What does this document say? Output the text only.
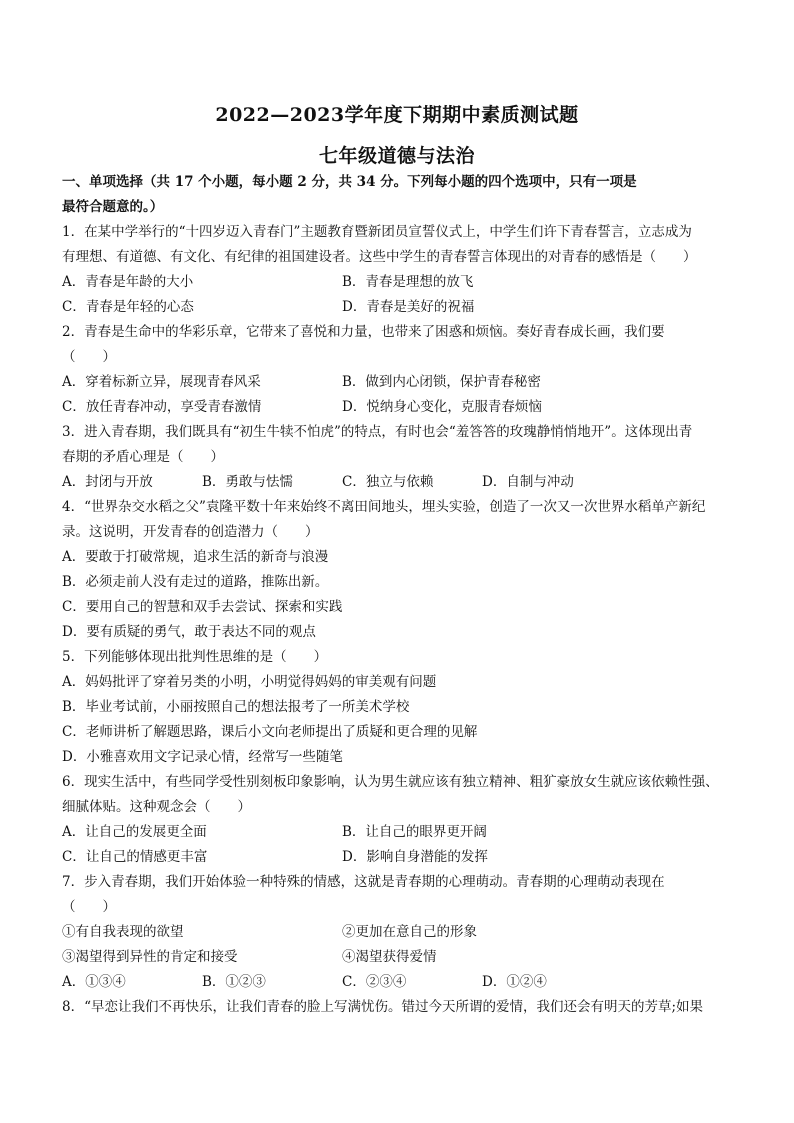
2022—2023学年度下期期中素质测试题
七年级道德与法治
一、单项选择（共 17 个小题，每小题 2 分，共 34 分。下列每小题的四个选项中，只有一项是
最符合题意的。）
1．在某中学举行的“十四岁迈入青春门”主题教育暨新团员宣誓仪式上，中学生们许下青春誓言，立志成为
有理想、有道德、有文化、有纪律的祖国建设者。这些中学生的青春誓言体现出的对青春的感悟是（　　）
A．青春是年龄的大小	B．青春是理想的放飞
C．青春是年轻的心态	D．青春是美好的祝福
2．青春是生命中的华彩乐章，它带来了喜悦和力量，也带来了困惑和烦恼。奏好青春成长画，我们要
（　　）
A．穿着标新立异，展现青春风采	B．做到内心闭锁，保护青春秘密
C．放任青春冲动，享受青春激情	D．悦纳身心变化，克服青春烦恼
3．进入青春期，我们既具有“初生牛犊不怕虎”的特点，有时也会“羞答答的玫瑰静悄悄地开”。这体现出青
春期的矛盾心理是（　　）
A．封闭与开放	B．勇敢与怯懦	C．独立与依赖	D．自制与冲动
4．“世界杂交水稻之父”袁隆平数十年来始终不离田间地头，埋头实验，创造了一次又一次世界水稻单产新纪
录。这说明，开发青春的创造潜力（　　）
A．要敢于打破常规，追求生活的新奇与浪漫
B．必须走前人没有走过的道路，推陈出新。
C．要用自己的智慧和双手去尝试、探索和实践
D．要有质疑的勇气，敢于表达不同的观点
5．下列能够体现出批判性思维的是（　　）
A．妈妈批评了穿着另类的小明，小明觉得妈妈的审美观有问题
B．毕业考试前，小丽按照自己的想法报考了一所美术学校
C．老师讲析了解题思路，课后小文向老师提出了质疑和更合理的见解
D．小雅喜欢用文字记录心情，经常写一些随笔
6．现实生活中，有些同学受性别刻板印象影响，认为男生就应该有独立精神、粗犷豪放女生就应该依赖性强、
细腻体贴。这种观念会（　　）
A．让自己的发展更全面	B．让自己的眼界更开阔
C．让自己的情感更丰富	D．影响自身潜能的发挥
7．步入青春期，我们开始体验一种特殊的情感，这就是青春期的心理萌动。青春期的心理萌动表现在
（　　）
①有自我表现的欲望	②更加在意自己的形象
③渴望得到异性的肯定和接受	④渴望获得爱情
A．①③④	B．①②③	C．②③④	D．①②④
8．“早恋让我们不再快乐，让我们青春的脸上写满忧伤。错过今天所谓的爱情，我们还会有明天的芳草;如果
